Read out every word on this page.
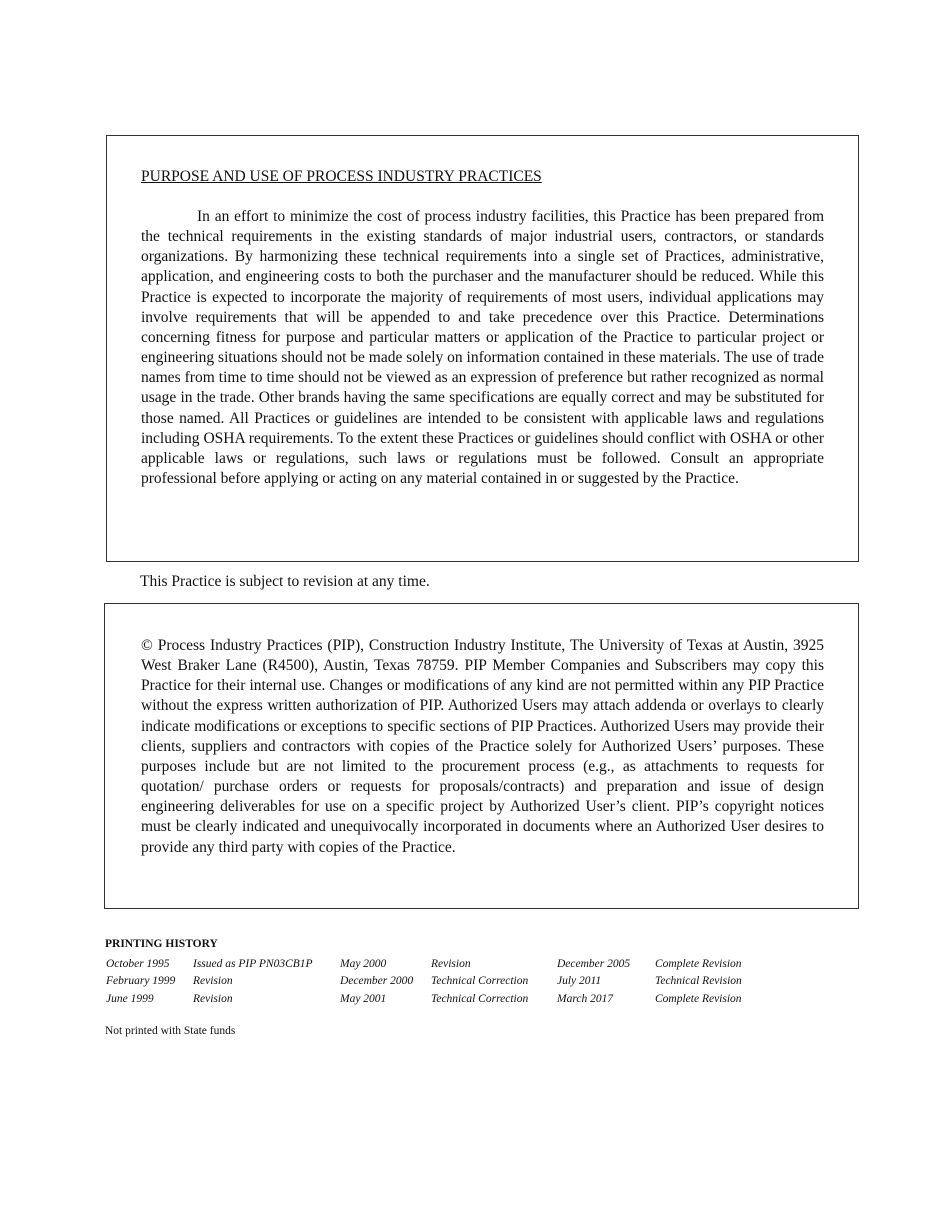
PURPOSE AND USE OF PROCESS INDUSTRY PRACTICES

In an effort to minimize the cost of process industry facilities, this Practice has been prepared from the technical requirements in the existing standards of major industrial users, contractors, or standards organizations. By harmonizing these technical requirements into a single set of Practices, administrative, application, and engineering costs to both the purchaser and the manufacturer should be reduced. While this Practice is expected to incorporate the majority of requirements of most users, individual applications may involve requirements that will be appended to and take precedence over this Practice. Determinations concerning fitness for purpose and particular matters or application of the Practice to particular project or engineering situations should not be made solely on information contained in these materials. The use of trade names from time to time should not be viewed as an expression of preference but rather recognized as normal usage in the trade. Other brands having the same specifications are equally correct and may be substituted for those named. All Practices or guidelines are intended to be consistent with applicable laws and regulations including OSHA requirements. To the extent these Practices or guidelines should conflict with OSHA or other applicable laws or regulations, such laws or regulations must be followed. Consult an appropriate professional before applying or acting on any material contained in or suggested by the Practice.

This Practice is subject to revision at any time.

© Process Industry Practices (PIP), Construction Industry Institute, The University of Texas at Austin, 3925 West Braker Lane (R4500), Austin, Texas 78759. PIP Member Companies and Subscribers may copy this Practice for their internal use. Changes or modifications of any kind are not permitted within any PIP Practice without the express written authorization of PIP. Authorized Users may attach addenda or overlays to clearly indicate modifications or exceptions to specific sections of PIP Practices. Authorized Users may provide their clients, suppliers and contractors with copies of the Practice solely for Authorized Users’ purposes. These purposes include but are not limited to the procurement process (e.g., as attachments to requests for quotation/ purchase orders or requests for proposals/contracts) and preparation and issue of design engineering deliverables for use on a specific project by Authorized User’s client. PIP’s copyright notices must be clearly indicated and unequivocally incorporated in documents where an Authorized User desires to provide any third party with copies of the Practice.

PRINTING HISTORY

October 1995	Issued as PIP PN03CB1P	May 2000	Revision	December 2005	Complete Revision
February 1999	Revision	December 2000	Technical Correction	July 2011	Technical Revision
June 1999	Revision	May 2001	Technical Correction	March 2017	Complete Revision

Not printed with State funds
